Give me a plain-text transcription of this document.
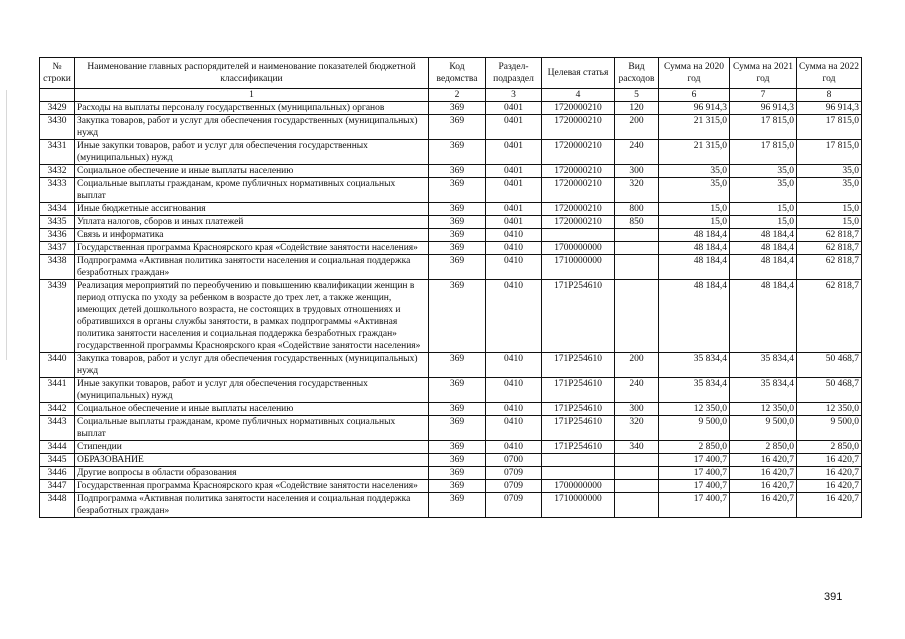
№ строки	Наименование главных распорядителей и наименование показателей бюджетной классификации	Код ведомства	Раздел-подраздел	Целевая статья	Вид расходов	Сумма на 2020 год	Сумма на 2021 год	Сумма на 2022 год
	1	2	3	4	5	6	7	8
3429	Расходы на выплаты персоналу государственных (муниципальных) органов	369	0401	1720000210	120	96 914,3	96 914,3	96 914,3
3430	Закупка товаров, работ и услуг для обеспечения государственных (муниципальных) нужд	369	0401	1720000210	200	21 315,0	17 815,0	17 815,0
3431	Иные закупки товаров, работ и услуг для обеспечения государственных (муниципальных) нужд	369	0401	1720000210	240	21 315,0	17 815,0	17 815,0
3432	Социальное обеспечение и иные выплаты населению	369	0401	1720000210	300	35,0	35,0	35,0
3433	Социальные выплаты гражданам, кроме публичных нормативных социальных выплат	369	0401	1720000210	320	35,0	35,0	35,0
3434	Иные бюджетные ассигнования	369	0401	1720000210	800	15,0	15,0	15,0
3435	Уплата налогов, сборов и иных платежей	369	0401	1720000210	850	15,0	15,0	15,0
3436	Связь и информатика	369	0410			48 184,4	48 184,4	62 818,7
3437	Государственная программа Красноярского края «Содействие занятости населения»	369	0410	1700000000		48 184,4	48 184,4	62 818,7
3438	Подпрограмма «Активная политика занятости населения и социальная поддержка безработных граждан»	369	0410	1710000000		48 184,4	48 184,4	62 818,7
3439	Реализация мероприятий по переобучению и повышению квалификации женщин в период отпуска по уходу за ребенком в возрасте до трех лет, а также женщин, имеющих детей дошкольного возраста, не состоящих в трудовых отношениях и обратившихся в органы службы занятости, в рамках подпрограммы «Активная политика занятости населения и социальная поддержка безработных граждан» государственной программы Красноярского края «Содействие занятости населения»	369	0410	171P254610		48 184,4	48 184,4	62 818,7
3440	Закупка товаров, работ и услуг для обеспечения государственных (муниципальных) нужд	369	0410	171P254610	200	35 834,4	35 834,4	50 468,7
3441	Иные закупки товаров, работ и услуг для обеспечения государственных (муниципальных) нужд	369	0410	171P254610	240	35 834,4	35 834,4	50 468,7
3442	Социальное обеспечение и иные выплаты населению	369	0410	171P254610	300	12 350,0	12 350,0	12 350,0
3443	Социальные выплаты гражданам, кроме публичных нормативных социальных выплат	369	0410	171P254610	320	9 500,0	9 500,0	9 500,0
3444	Стипендии	369	0410	171P254610	340	2 850,0	2 850,0	2 850,0
3445	ОБРАЗОВАНИЕ	369	0700			17 400,7	16 420,7	16 420,7
3446	Другие вопросы в области образования	369	0709			17 400,7	16 420,7	16 420,7
3447	Государственная программа Красноярского края «Содействие занятости населения»	369	0709	1700000000		17 400,7	16 420,7	16 420,7
3448	Подпрограмма «Активная политика занятости населения и социальная поддержка безработных граждан»	369	0709	1710000000		17 400,7	16 420,7	16 420,7
391
